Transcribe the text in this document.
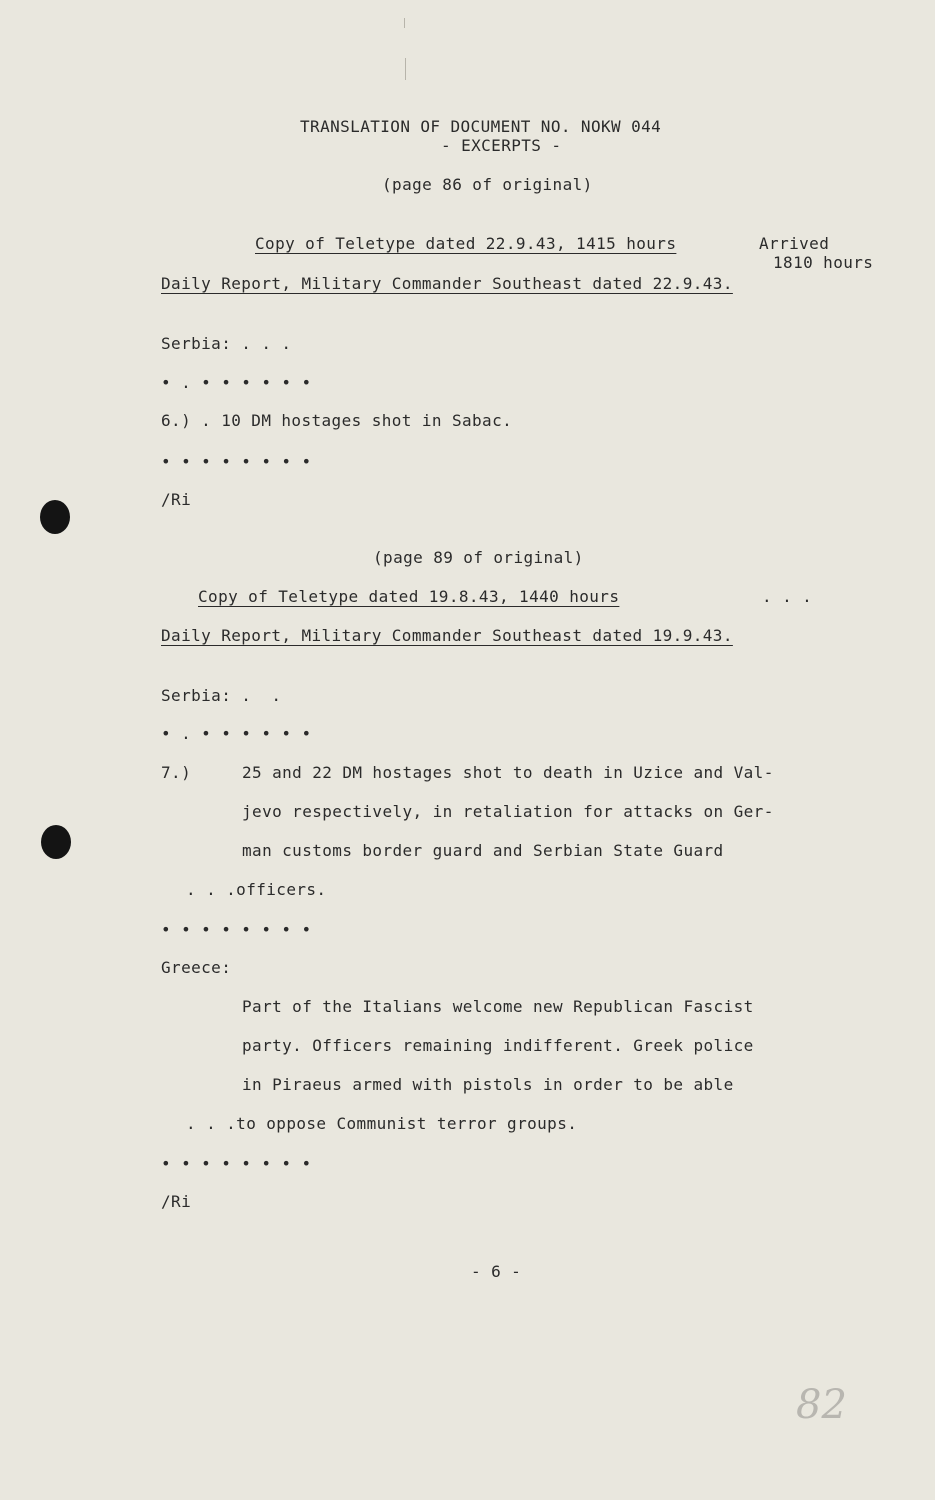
TRANSLATION OF DOCUMENT NO. NOKW 044
- EXCERPTS -
(page 86 of original)
Copy of Teletype dated 22.9.43, 1415 hours	Arrived
1810 hours
Daily Report, Military Commander Southeast dated 22.9.43.
Serbia: . . .
• . • • • • • •
6.) . 10 DM hostages shot in Sabac.
• • • • • • • •
/Ri
(page 89 of original)
Copy of Teletype dated 19.8.43, 1440 hours	. . .
Daily Report, Military Commander Southeast dated 19.9.43.
Serbia: .  .
• . • • • • • •
7.)	25 and 22 DM hostages shot to death in Uzice and Val-
jevo respectively, in retaliation for attacks on Ger-
man customs border guard and Serbian State Guard
. . .officers.
• • • • • • • •
Greece:
Part of the Italians welcome new Republican Fascist
party. Officers remaining indifferent. Greek police
in Piraeus armed with pistols in order to be able
. . .to oppose Communist terror groups.
• • • • • • • •
/Ri
- 6 -
82
